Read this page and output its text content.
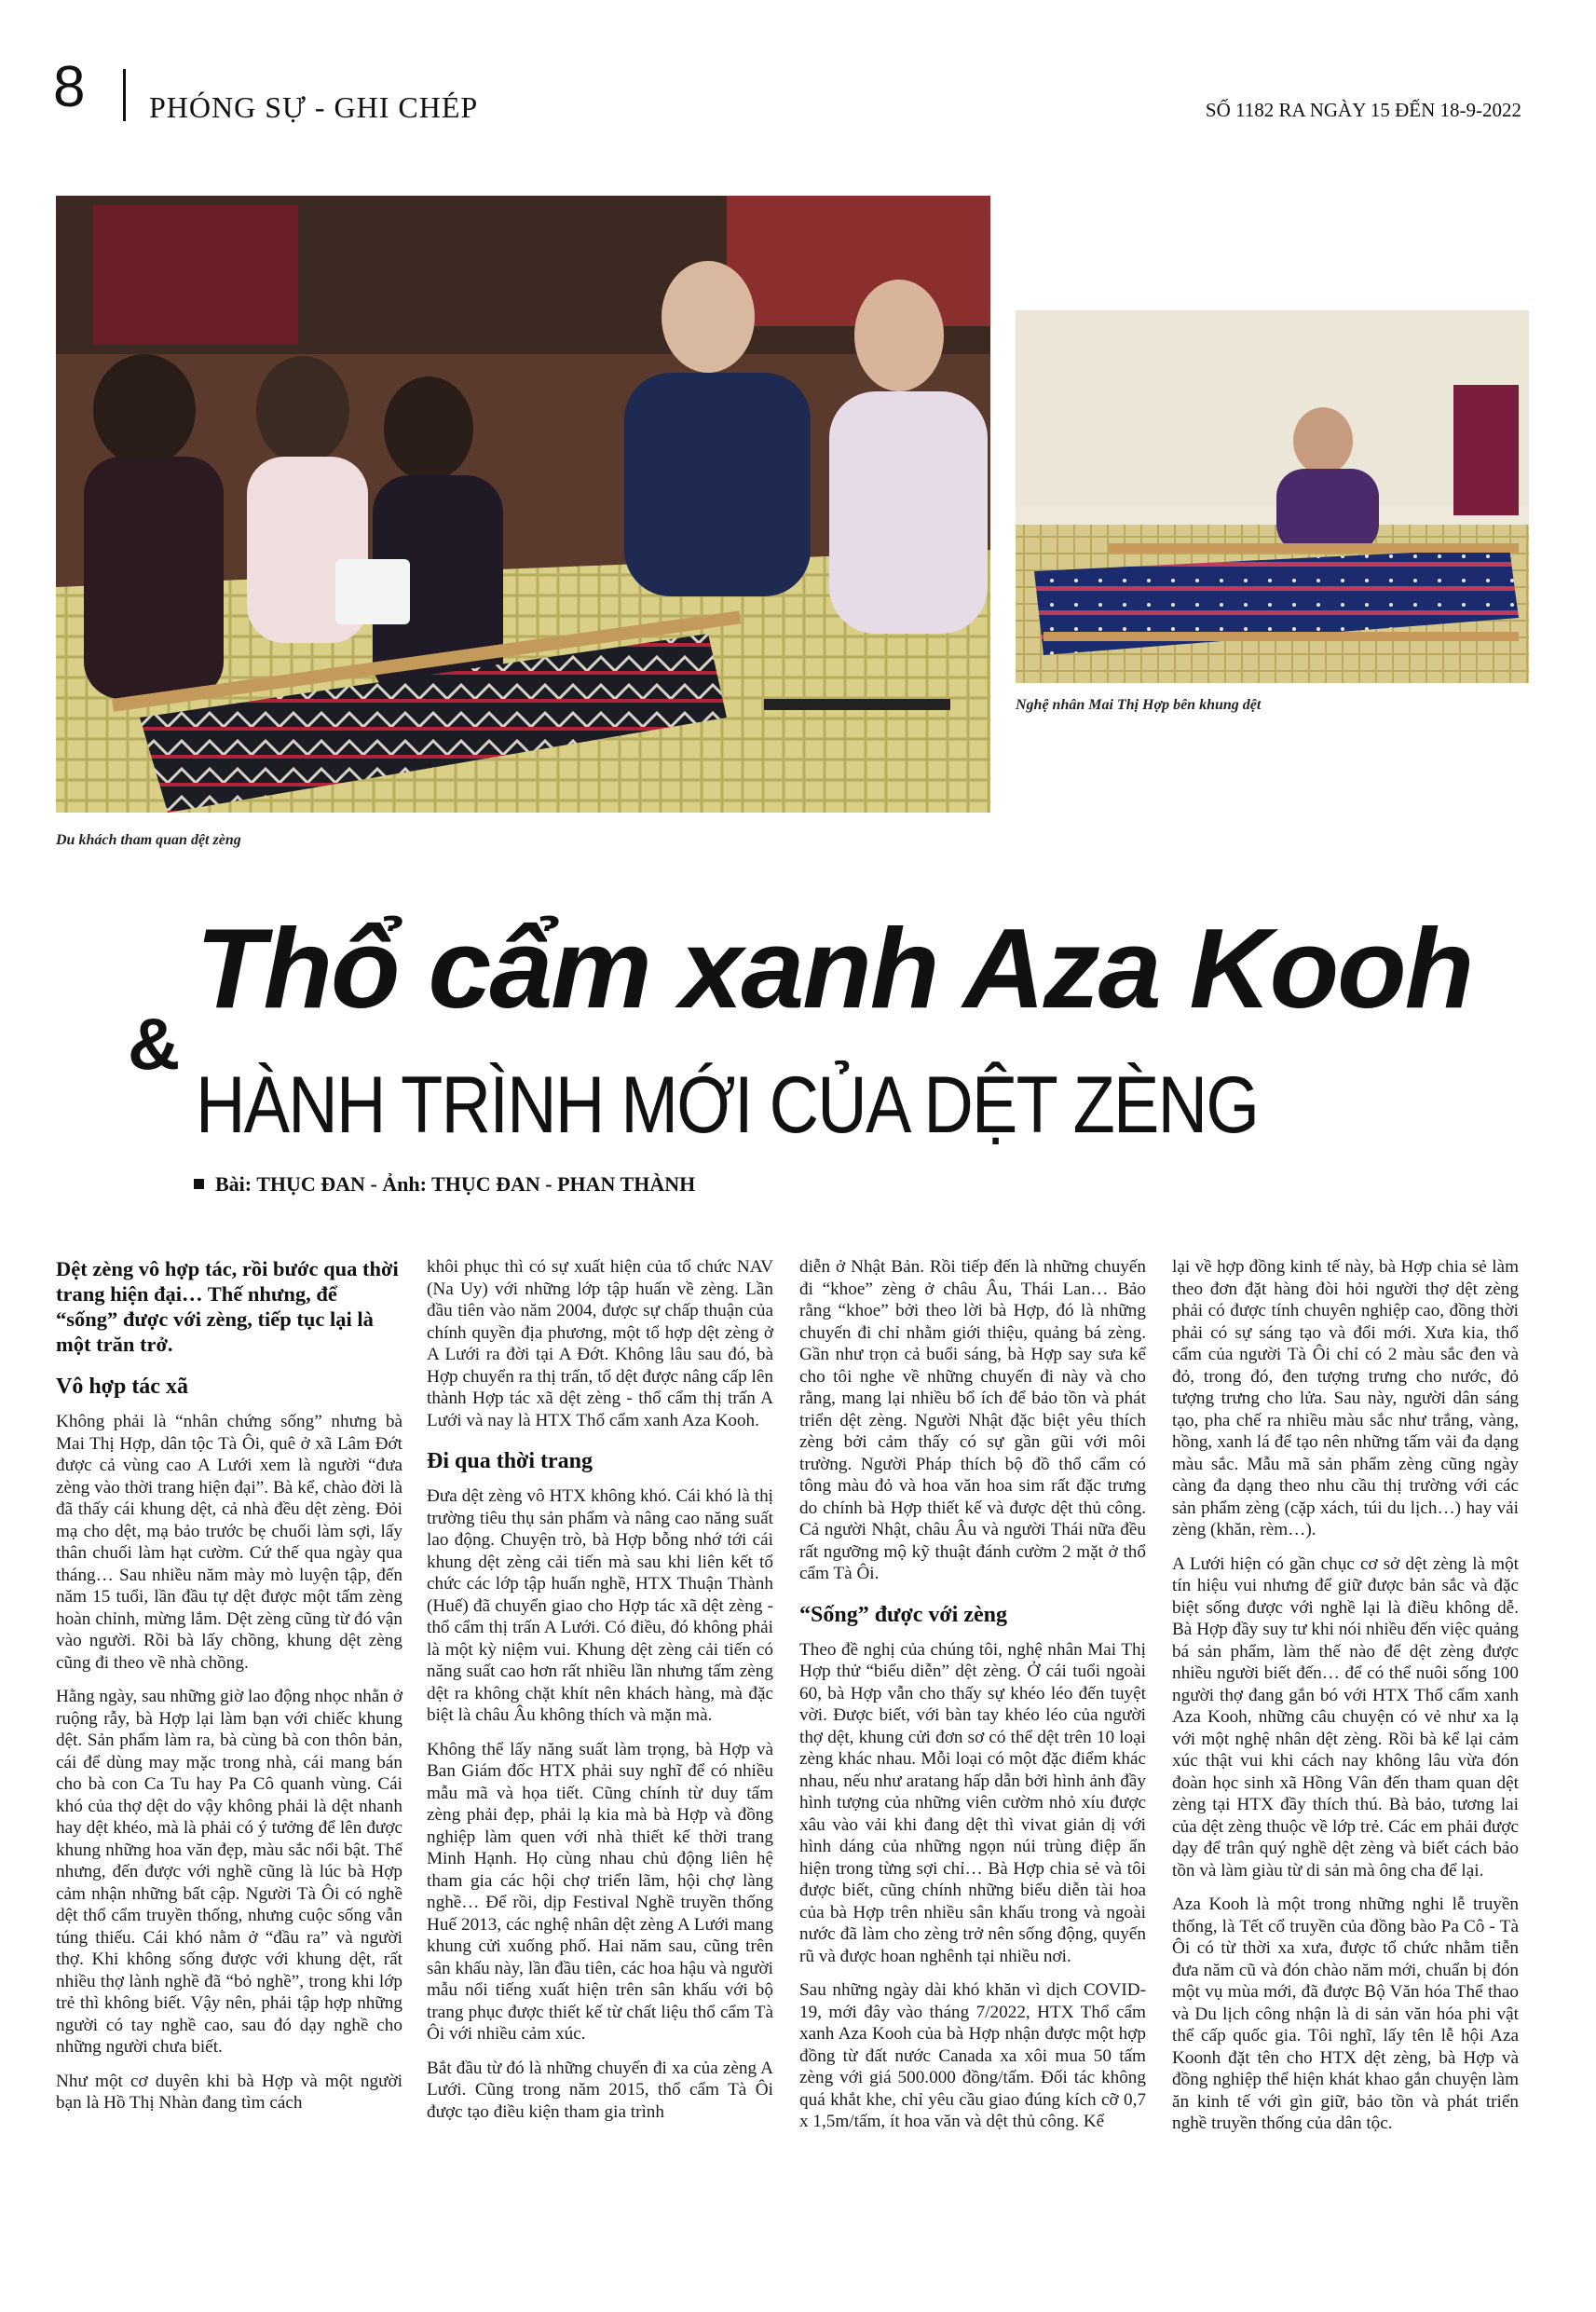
8 PHÓNG SỰ - GHI CHÉP	SỐ 1182 RA NGÀY 15 ĐẾN 18-9-2022
Du khách tham quan dệt zèng
Nghệ nhân Mai Thị Hợp bên khung dệt
Thổ cẩm xanh Aza Kooh
&
HÀNH TRÌNH MỚI CỦA DỆT ZÈNG
Bài: THỤC ĐAN - Ảnh: THỤC ĐAN - PHAN THÀNH

Dệt zèng vô hợp tác, rồi bước qua thời trang hiện đại… Thế nhưng, để “sống” được với zèng, tiếp tục lại là một trăn trở.

Vô hợp tác xã

Không phải là “nhân chứng sống” nhưng bà Mai Thị Hợp, dân tộc Tà Ôi, quê ở xã Lâm Đớt được cả vùng cao A Lưới xem là người “đưa zèng vào thời trang hiện đại”. Bà kể, chào đời là đã thấy cái khung dệt, cả nhà đều dệt zèng. Đỏi mạ cho dệt, mạ bảo trước bẹ chuối làm sợi, lấy thân chuối làm hạt cườm. Cứ thế qua ngày qua tháng… Sau nhiều năm mày mò luyện tập, đến năm 15 tuổi, lần đầu tự dệt được một tấm zèng hoàn chỉnh, mừng lắm. Dệt zèng cũng từ đó vận vào người. Rồi bà lấy chồng, khung dệt zèng cũng đi theo về nhà chồng.

Hằng ngày, sau những giờ lao động nhọc nhằn ở ruộng rẫy, bà Hợp lại làm bạn với chiếc khung dệt. Sản phẩm làm ra, bà cùng bà con thôn bản, cái để dùng may mặc trong nhà, cái mang bán cho bà con Ca Tu hay Pa Cô quanh vùng. Cái khó của thợ dệt do vậy không phải là dệt nhanh hay dệt khéo, mà là phải có ý tưởng để lên được khung những hoa văn đẹp, màu sắc nổi bật. Thế nhưng, đến được với nghề cũng là lúc bà Hợp cảm nhận những bất cập. Người Tà Ôi có nghề dệt thổ cẩm truyền thống, nhưng cuộc sống vẫn túng thiếu. Cái khó nằm ở “đầu ra” và người thợ. Khi không sống được với khung dệt, rất nhiều thợ lành nghề đã “bỏ nghề”, trong khi lớp trẻ thì không biết. Vậy nên, phải tập hợp những người có tay nghề cao, sau đó dạy nghề cho những người chưa biết.

Như một cơ duyên khi bà Hợp và một người bạn là Hồ Thị Nhàn đang tìm cách

khôi phục thì có sự xuất hiện của tổ chức NAV (Na Uy) với những lớp tập huấn về zèng. Lần đầu tiên vào năm 2004, được sự chấp thuận của chính quyền địa phương, một tổ hợp dệt zèng ở A Lưới ra đời tại A Đớt. Không lâu sau đó, bà Hợp chuyển ra thị trấn, tổ dệt được nâng cấp lên thành Hợp tác xã dệt zèng - thổ cẩm thị trấn A Lưới và nay là HTX Thổ cẩm xanh Aza Kooh.

Đi qua thời trang

Đưa dệt zèng vô HTX không khó. Cái khó là thị trường tiêu thụ sản phẩm và nâng cao năng suất lao động. Chuyện trò, bà Hợp bỗng nhớ tới cái khung dệt zèng cải tiến mà sau khi liên kết tổ chức các lớp tập huấn nghề, HTX Thuận Thành (Huế) đã chuyển giao cho Hợp tác xã dệt zèng - thổ cẩm thị trấn A Lưới. Có điều, đó không phải là một kỳ niệm vui. Khung dệt zèng cải tiến có năng suất cao hơn rất nhiều lần nhưng tấm zèng dệt ra không chặt khít nên khách hàng, mà đặc biệt là châu Âu không thích và mặn mà.

Không thể lấy năng suất làm trọng, bà Hợp và Ban Giám đốc HTX phải suy nghĩ để có nhiều mẫu mã và họa tiết. Cũng chính từ duy tấm zèng phải đẹp, phải lạ kia mà bà Hợp và đồng nghiệp làm quen với nhà thiết kế thời trang Minh Hạnh. Họ cùng nhau chủ động liên hệ tham gia các hội chợ triển lãm, hội chợ làng nghề… Để rồi, dịp Festival Nghề truyền thống Huế 2013, các nghệ nhân dệt zèng A Lưới mang khung cửi xuống phố. Hai năm sau, cũng trên sân khấu này, lần đầu tiên, các hoa hậu và người mẫu nổi tiếng xuất hiện trên sân khấu với bộ trang phục được thiết kế từ chất liệu thổ cẩm Tà Ôi với nhiều cảm xúc.

Bắt đầu từ đó là những chuyến đi xa của zèng A Lưới. Cũng trong năm 2015, thổ cẩm Tà Ôi được tạo điều kiện tham gia trình

diễn ở Nhật Bản. Rồi tiếp đến là những chuyến đi “khoe” zèng ở châu Âu, Thái Lan… Bảo rằng “khoe” bởi theo lời bà Hợp, đó là những chuyến đi chỉ nhằm giới thiệu, quảng bá zèng. Gần như trọn cả buổi sáng, bà Hợp say sưa kể cho tôi nghe về những chuyến đi này và cho rằng, mang lại nhiều bổ ích để bảo tồn và phát triển dệt zèng. Người Nhật đặc biệt yêu thích zèng bởi cảm thấy có sự gần gũi với môi trường. Người Pháp thích bộ đồ thổ cẩm có tông màu đỏ và hoa văn hoa sim rất đặc trưng do chính bà Hợp thiết kế và được dệt thủ công. Cả người Nhật, châu Âu và người Thái nữa đều rất ngưỡng mộ kỹ thuật đánh cườm 2 mặt ở thổ cẩm Tà Ôi.

“Sống” được với zèng

Theo đề nghị của chúng tôi, nghệ nhân Mai Thị Hợp thử “biểu diễn” dệt zèng. Ở cái tuổi ngoài 60, bà Hợp vẫn cho thấy sự khéo léo đến tuyệt vời. Được biết, với bàn tay khéo léo của người thợ dệt, khung cửi đơn sơ có thể dệt trên 10 loại zèng khác nhau. Mỗi loại có một đặc điểm khác nhau, nếu như aratang hấp dẫn bởi hình ảnh đầy hình tượng của những viên cườm nhỏ xíu được xâu vào vải khi đang dệt thì vivat giản dị với hình dáng của những ngọn núi trùng điệp ẩn hiện trong từng sợi chỉ… Bà Hợp chia sẻ và tôi được biết, cũng chính những biểu diễn tài hoa của bà Hợp trên nhiều sân khấu trong và ngoài nước đã làm cho zèng trở nên sống động, quyến rũ và được hoan nghênh tại nhiều nơi.

Sau những ngày dài khó khăn vì dịch COVID-19, mới đây vào tháng 7/2022, HTX Thổ cẩm xanh Aza Kooh của bà Hợp nhận được một hợp đồng từ đất nước Canada xa xôi mua 50 tấm zèng với giá 500.000 đồng/tấm. Đối tác không quá khắt khe, chỉ yêu cầu giao đúng kích cỡ 0,7 x 1,5m/tấm, ít hoa văn và dệt thủ công. Kể

lại về hợp đồng kinh tế này, bà Hợp chia sẻ làm theo đơn đặt hàng đòi hỏi người thợ dệt zèng phải có được tính chuyên nghiệp cao, đồng thời phải có sự sáng tạo và đổi mới. Xưa kia, thổ cẩm của người Tà Ôi chỉ có 2 màu sắc đen và đỏ, trong đó, đen tượng trưng cho nước, đỏ tượng trưng cho lửa. Sau này, người dân sáng tạo, pha chế ra nhiều màu sắc như trắng, vàng, hồng, xanh lá để tạo nên những tấm vải đa dạng màu sắc. Mẫu mã sản phẩm zèng cũng ngày càng đa dạng theo nhu cầu thị trường với các sản phẩm zèng (cặp xách, túi du lịch…) hay vải zèng (khăn, rèm…).

A Lưới hiện có gần chục cơ sở dệt zèng là một tín hiệu vui nhưng để giữ được bản sắc và đặc biệt sống được với nghề lại là điều không dễ. Bà Hợp đầy suy tư khi nói nhiều đến việc quảng bá sản phẩm, làm thế nào để dệt zèng được nhiều người biết đến… để có thể nuôi sống 100 người thợ đang gắn bó với HTX Thổ cẩm xanh Aza Kooh, những câu chuyện có vẻ như xa lạ với một nghệ nhân dệt zèng. Rồi bà kể lại cảm xúc thật vui khi cách nay không lâu vừa đón đoàn học sinh xã Hồng Vân đến tham quan dệt zèng tại HTX đầy thích thú. Bà bảo, tương lai của dệt zèng thuộc về lớp trẻ. Các em phải được dạy để trân quý nghề dệt zèng và biết cách bảo tồn và làm giàu từ di sản mà ông cha để lại.

Aza Kooh là một trong những nghi lễ truyền thống, là Tết cổ truyền của đồng bào Pa Cô - Tà Ôi có từ thời xa xưa, được tổ chức nhằm tiễn đưa năm cũ và đón chào năm mới, chuẩn bị đón một vụ mùa mới, đã được Bộ Văn hóa Thể thao và Du lịch công nhận là di sản văn hóa phi vật thể cấp quốc gia. Tôi nghĩ, lấy tên lễ hội Aza Koonh đặt tên cho HTX dệt zèng, bà Hợp và đồng nghiệp thể hiện khát khao gắn chuyện làm ăn kinh tế với gìn giữ, bảo tồn và phát triển nghề truyền thống của dân tộc.
